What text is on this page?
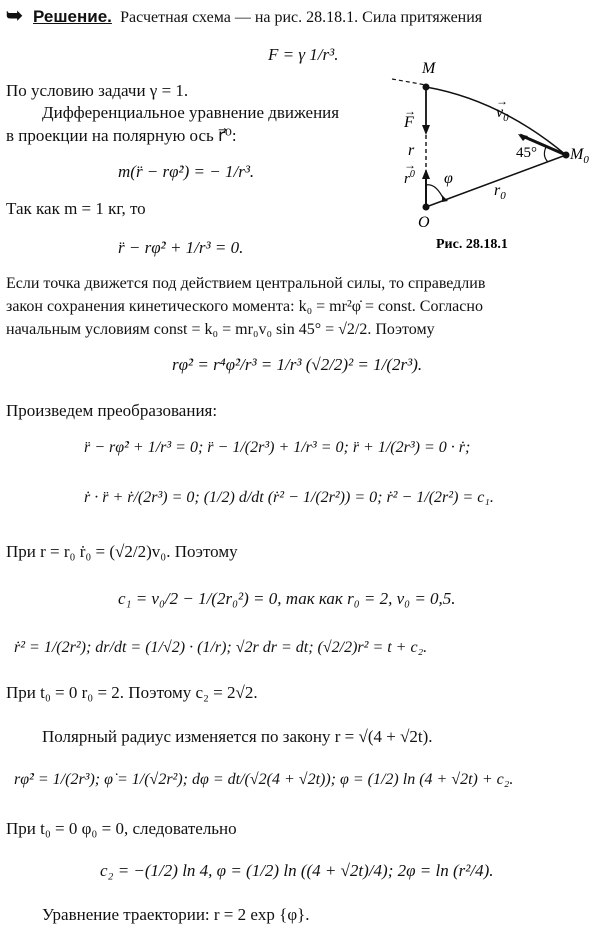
➥ Решение. Расчетная схема — на рис. 28.18.1. Сила притяжения
F = γ 1/r³.
По условию задачи γ = 1.
Дифференциальное уравнение движения
в проекции на полярную ось r⃗⁰:
m(r̈ − rφ̇²) = − 1/r³.
Так как m = 1 кг, то
r̈ − rφ̇² + 1/r³ = 0.
M
$M_0$
O
F
→	$v_0$
→
r
$r^0$
→
φ
$r_0$
45°
Рис. 28.18.1
Если точка движется под действием центральной силы, то справедлив
закон сохранения кинетического момента: k₀ = mr²φ̇ = const. Согласно
начальным условиям const = k₀ = mr₀v₀ sin 45° = √2/2. Поэтому
rφ̇² = r⁴φ̇²/r³ = 1/r³ (√2/2)² = 1/(2r³).
Произведем преобразования:
r̈ − rφ̇² + 1/r³ = 0; r̈ − 1/(2r³) + 1/r³ = 0; r̈ + 1/(2r³) = 0 · ṙ;
ṙ · r̈ + ṙ/(2r³) = 0; (1/2) d/dt (ṙ² − 1/(2r²)) = 0; ṙ² − 1/(2r²) = c₁.
При r = r₀ ṙ₀ = (√2/2)v₀. Поэтому
c₁ = v₀/2 − 1/(2r₀²) = 0, так как r₀ = 2, v₀ = 0,5.
ṙ² = 1/(2r²); dr/dt = (1/√2) · (1/r); √2r dr = dt; (√2/2)r² = t + c₂.
При t₀ = 0 r₀ = 2. Поэтому c₂ = 2√2.
Полярный радиус изменяется по закону r = √(4 + √2t).
rφ̇² = 1/(2r³); φ̇ = 1/(√2r²); dφ = dt/(√2(4 + √2t)); φ = (1/2) ln (4 + √2t) + c₂.
При t₀ = 0 φ₀ = 0, следовательно
c₂ = −(1/2) ln 4, φ = (1/2) ln ((4 + √2t)/4); 2φ = ln (r²/4).
Уравнение траектории: r = 2 exp {φ}.
